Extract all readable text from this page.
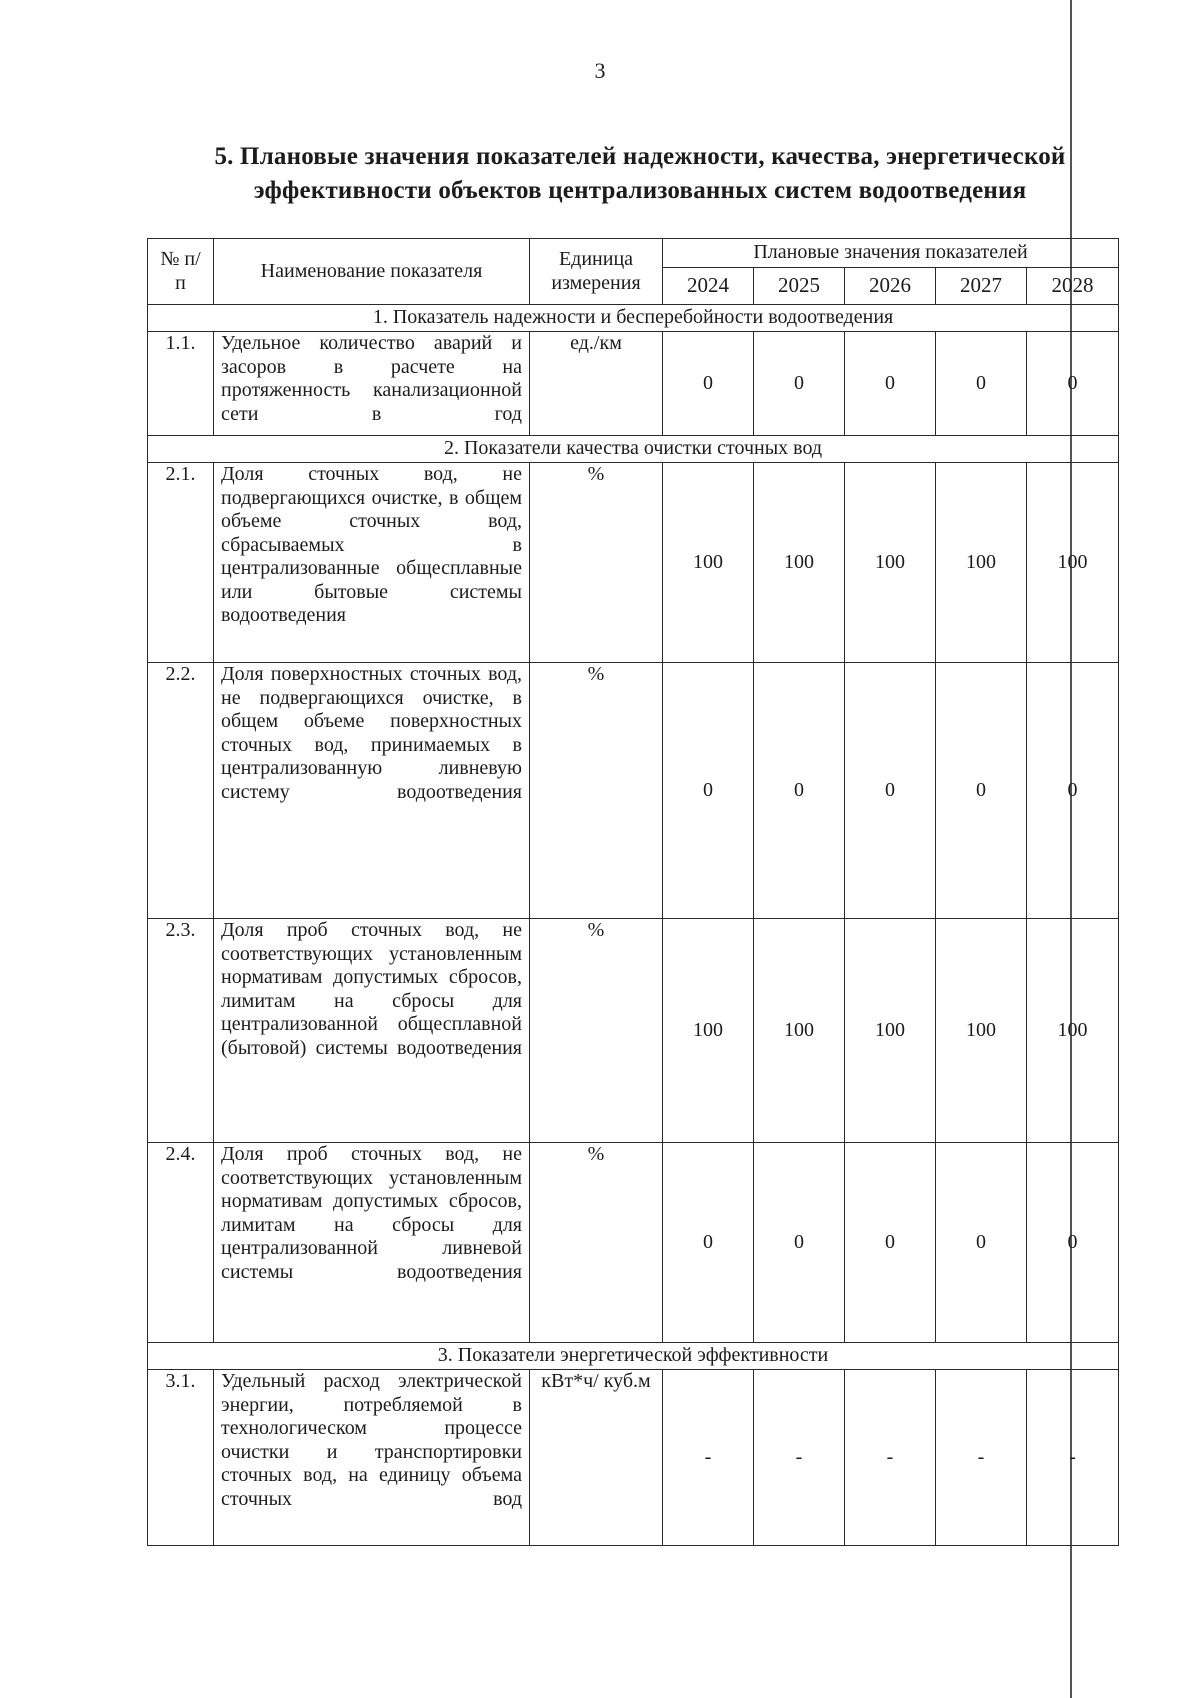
3
5. Плановые значения показателей надежности, качества, энергетической
эффективности объектов централизованных систем водоотведения
№ п/п	Наименование показателя	Единица измерения	Плановые значения показателей				
			2024	2025	2026	2027	2028
1. Показатель надежности и бесперебойности водоотведения							
1.1.	Удельное количество аварий и засоров в расчете на протяженность канализационной сети в год	ед./км	0	0	0	0	0
2. Показатели качества очистки сточных вод							
2.1.	Доля сточных вод, не подвергающихся очистке, в общем объеме сточных вод, сбрасываемых в централизованные общесплавные или бытовые системы водоотведения	%	100	100	100	100	100
2.2.	Доля поверхностных сточных вод, не подвергающихся очистке, в общем объеме поверхностных сточных вод, принимаемых в централизованную ливневую систему водоотведения	%	0	0	0	0	0
2.3.	Доля проб сточных вод, не соответствующих установленным нормативам допустимых сбросов, лимитам на сбросы для централизованной общесплавной (бытовой) системы водоотведения	%	100	100	100	100	100
2.4.	Доля проб сточных вод, не соответствующих установленным нормативам допустимых сбросов, лимитам на сбросы для централизованной ливневой системы водоотведения	%	0	0	0	0	0
3. Показатели энергетической эффективности							
3.1.	Удельный расход электрической энергии, потребляемой в технологическом процессе очистки и транспортировки сточных вод, на единицу объема сточных вод	кВт*ч/ куб.м	-	-	-	-	-
